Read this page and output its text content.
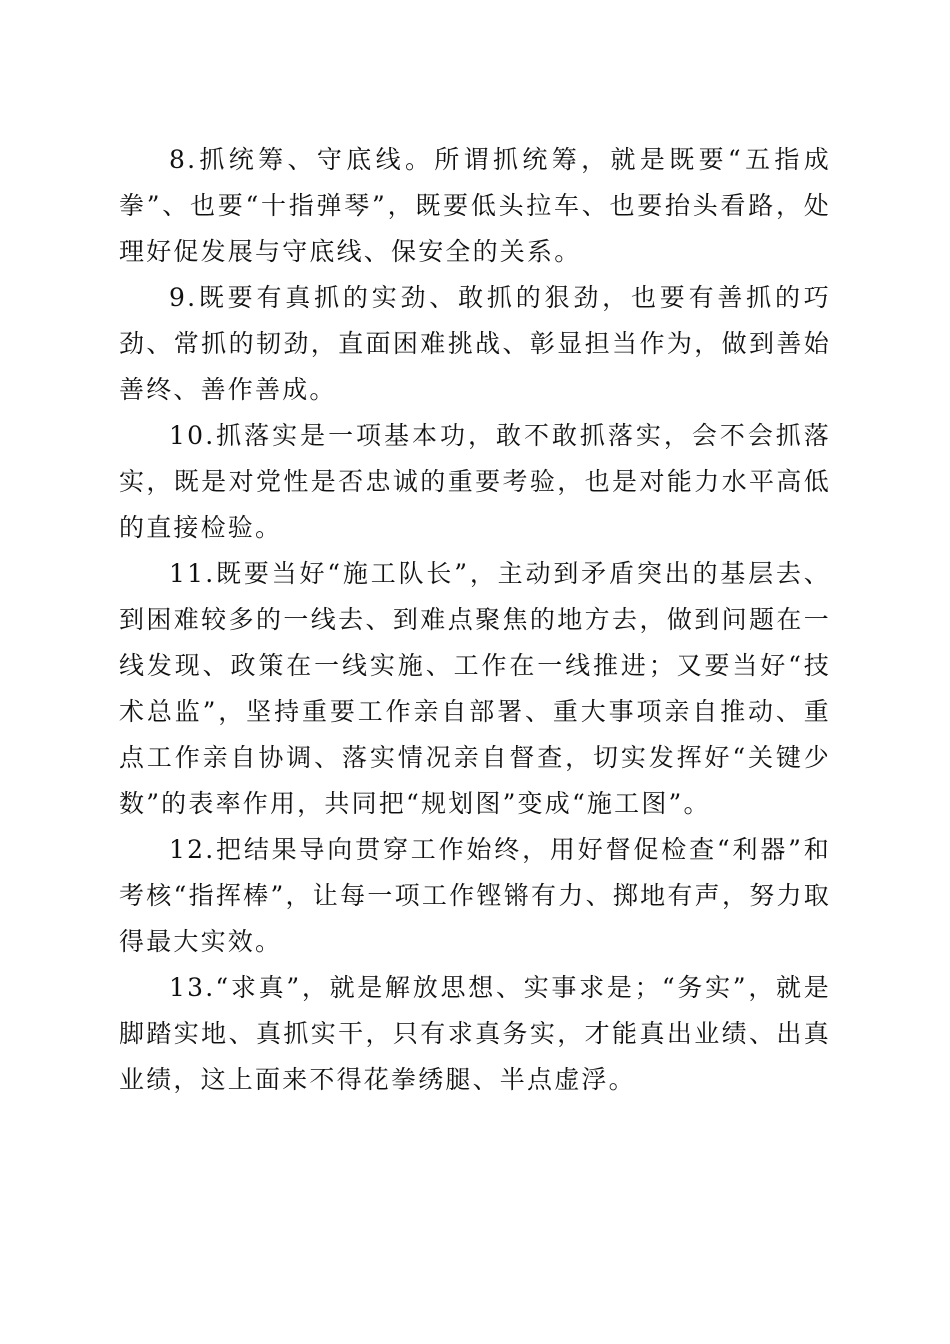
8.抓统筹、守底线。所谓抓统筹，就是既要“五指成拳”、也要“十指弹琴”，既要低头拉车、也要抬头看路，处理好促发展与守底线、保安全的关系。

9.既要有真抓的实劲、敢抓的狠劲，也要有善抓的巧劲、常抓的韧劲，直面困难挑战、彰显担当作为，做到善始善终、善作善成。

10.抓落实是一项基本功，敢不敢抓落实，会不会抓落实，既是对党性是否忠诚的重要考验，也是对能力水平高低的直接检验。

11.既要当好“施工队长”，主动到矛盾突出的基层去、到困难较多的一线去、到难点聚焦的地方去，做到问题在一线发现、政策在一线实施、工作在一线推进；又要当好“技术总监”，坚持重要工作亲自部署、重大事项亲自推动、重点工作亲自协调、落实情况亲自督查，切实发挥好“关键少数”的表率作用，共同把“规划图”变成“施工图”。

12.把结果导向贯穿工作始终，用好督促检查“利器”和考核“指挥棒”，让每一项工作铿锵有力、掷地有声，努力取得最大实效。

13.“求真”，就是解放思想、实事求是；“务实”，就是脚踏实地、真抓实干，只有求真务实，才能真出业绩、出真业绩，这上面来不得花拳绣腿、半点虚浮。
